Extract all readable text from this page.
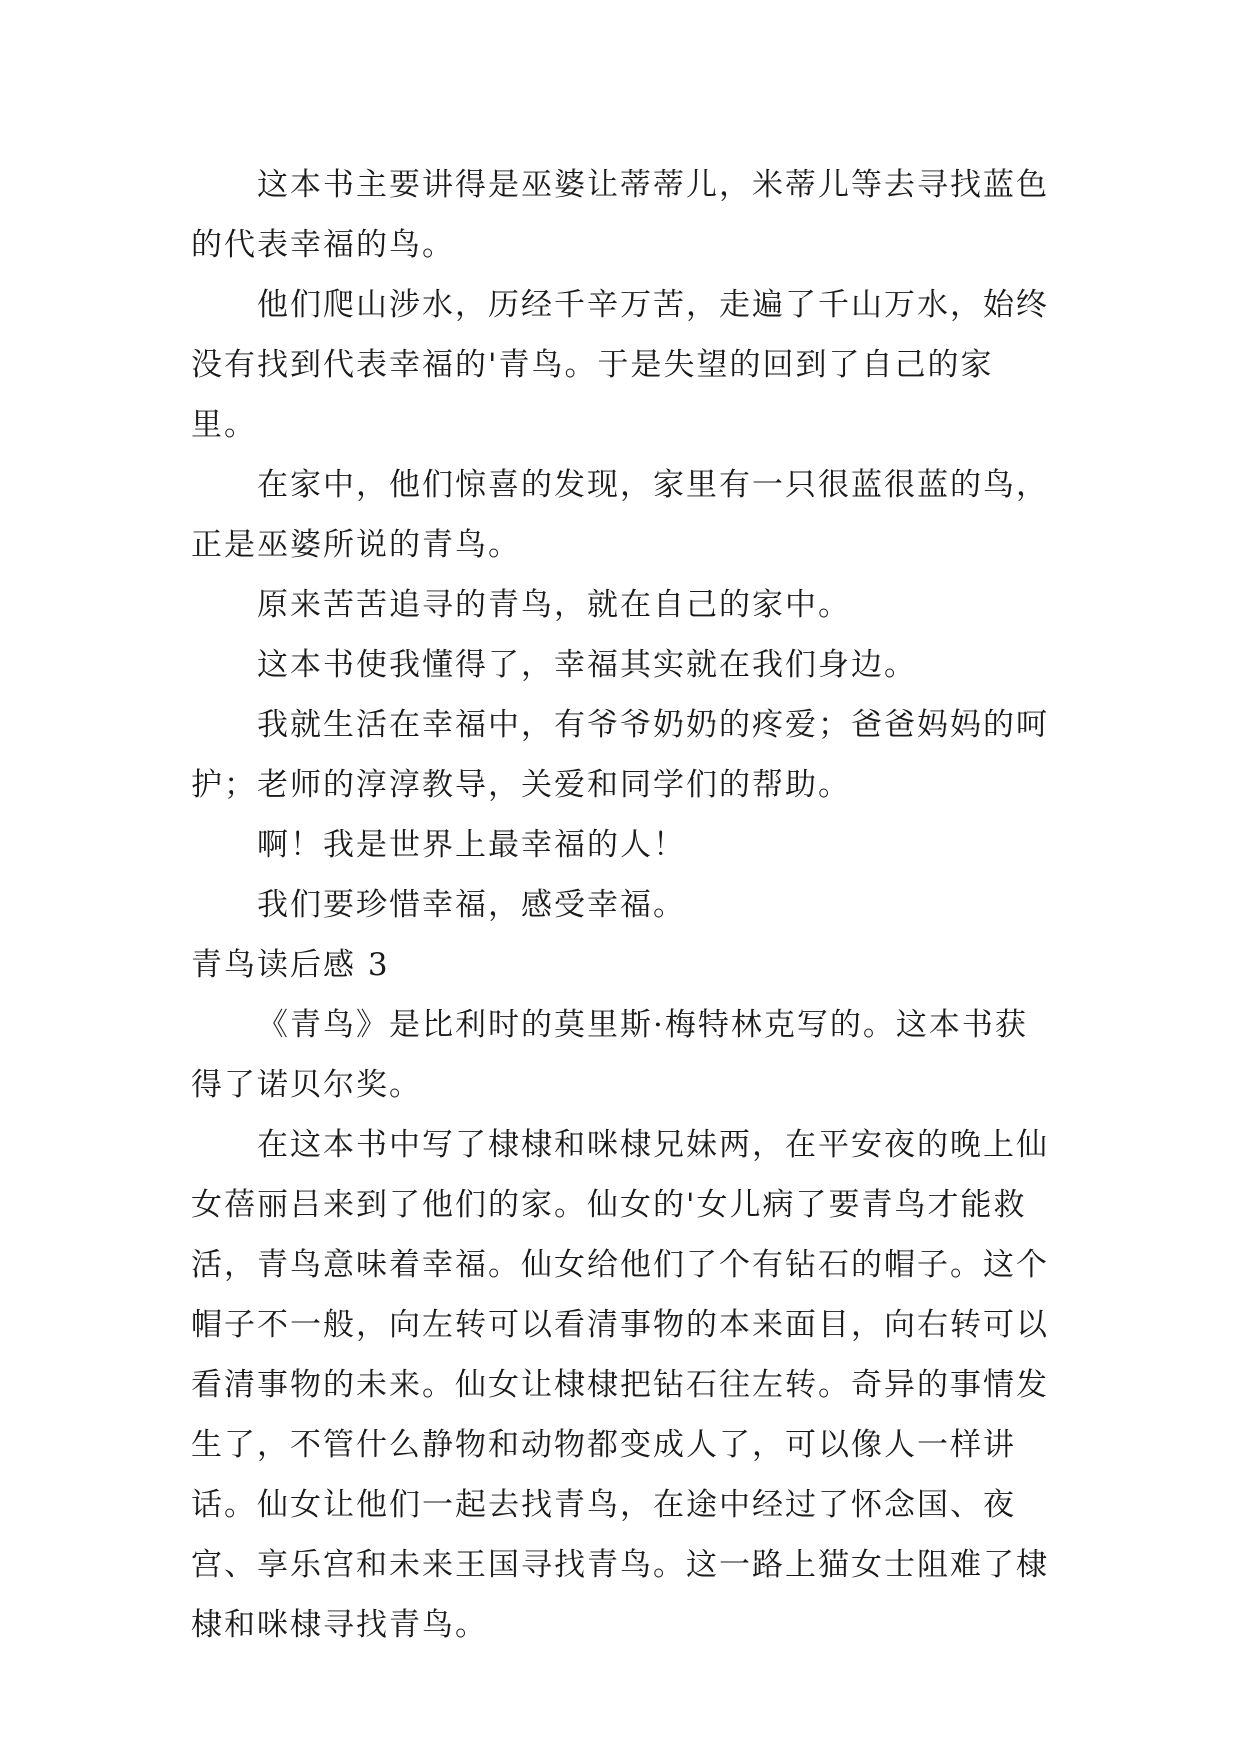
这本书主要讲得是巫婆让蒂蒂儿，米蒂儿等去寻找蓝色的代表幸福的鸟。

他们爬山涉水，历经千辛万苦，走遍了千山万水，始终没有找到代表幸福的'青鸟。于是失望的回到了自己的家里。

在家中，他们惊喜的发现，家里有一只很蓝很蓝的鸟，正是巫婆所说的青鸟。

原来苦苦追寻的青鸟，就在自己的家中。

这本书使我懂得了，幸福其实就在我们身边。

我就生活在幸福中，有爷爷奶奶的疼爱；爸爸妈妈的呵护；老师的淳淳教导，关爱和同学们的帮助。

啊！我是世界上最幸福的人！

我们要珍惜幸福，感受幸福。

青鸟读后感 3

《青鸟》是比利时的莫里斯·梅特林克写的。这本书获得了诺贝尔奖。

在这本书中写了棣棣和咪棣兄妹两，在平安夜的晚上仙女蓓丽吕来到了他们的家。仙女的'女儿病了要青鸟才能救活，青鸟意味着幸福。仙女给他们了个有钻石的帽子。这个帽子不一般，向左转可以看清事物的本来面目，向右转可以看清事物的未来。仙女让棣棣把钻石往左转。奇异的事情发生了，不管什么静物和动物都变成人了，可以像人一样讲话。仙女让他们一起去找青鸟，在途中经过了怀念国、夜宫、享乐宫和未来王国寻找青鸟。这一路上猫女士阻难了棣棣和咪棣寻找青鸟。
